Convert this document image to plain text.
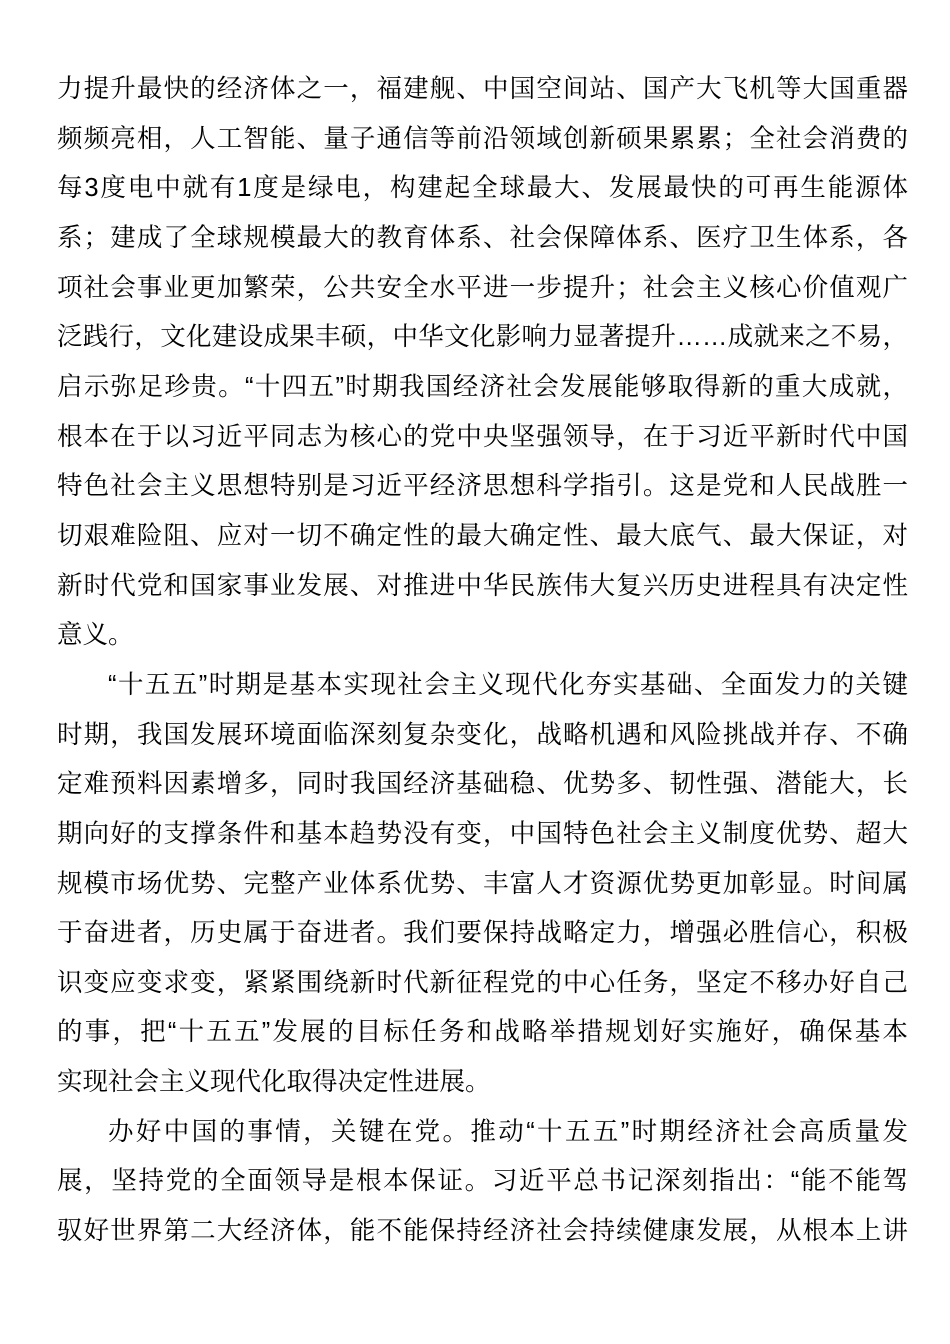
力提升最快的经济体之一，福建舰、中国空间站、国产大飞机等大国重器
频频亮相，人工智能、量子通信等前沿领域创新硕果累累；全社会消费的
每3度电中就有1度是绿电，构建起全球最大、发展最快的可再生能源体
系；建成了全球规模最大的教育体系、社会保障体系、医疗卫生体系，各
项社会事业更加繁荣，公共安全水平进一步提升；社会主义核心价值观广
泛践行，文化建设成果丰硕，中华文化影响力显著提升……成就来之不易，
启示弥足珍贵。“十四五”时期我国经济社会发展能够取得新的重大成就，
根本在于以习近平同志为核心的党中央坚强领导，在于习近平新时代中国
特色社会主义思想特别是习近平经济思想科学指引。这是党和人民战胜一
切艰难险阻、应对一切不确定性的最大确定性、最大底气、最大保证，对
新时代党和国家事业发展、对推进中华民族伟大复兴历史进程具有决定性
意义。
“十五五”时期是基本实现社会主义现代化夯实基础、全面发力的关键
时期，我国发展环境面临深刻复杂变化，战略机遇和风险挑战并存、不确
定难预料因素增多，同时我国经济基础稳、优势多、韧性强、潜能大，长
期向好的支撑条件和基本趋势没有变，中国特色社会主义制度优势、超大
规模市场优势、完整产业体系优势、丰富人才资源优势更加彰显。时间属
于奋进者，历史属于奋进者。我们要保持战略定力，增强必胜信心，积极
识变应变求变，紧紧围绕新时代新征程党的中心任务，坚定不移办好自己
的事，把“十五五”发展的目标任务和战略举措规划好实施好，确保基本
实现社会主义现代化取得决定性进展。
办好中国的事情，关键在党。推动“十五五”时期经济社会高质量发
展，坚持党的全面领导是根本保证。习近平总书记深刻指出：“能不能驾
驭好世界第二大经济体，能不能保持经济社会持续健康发展，从根本上讲
